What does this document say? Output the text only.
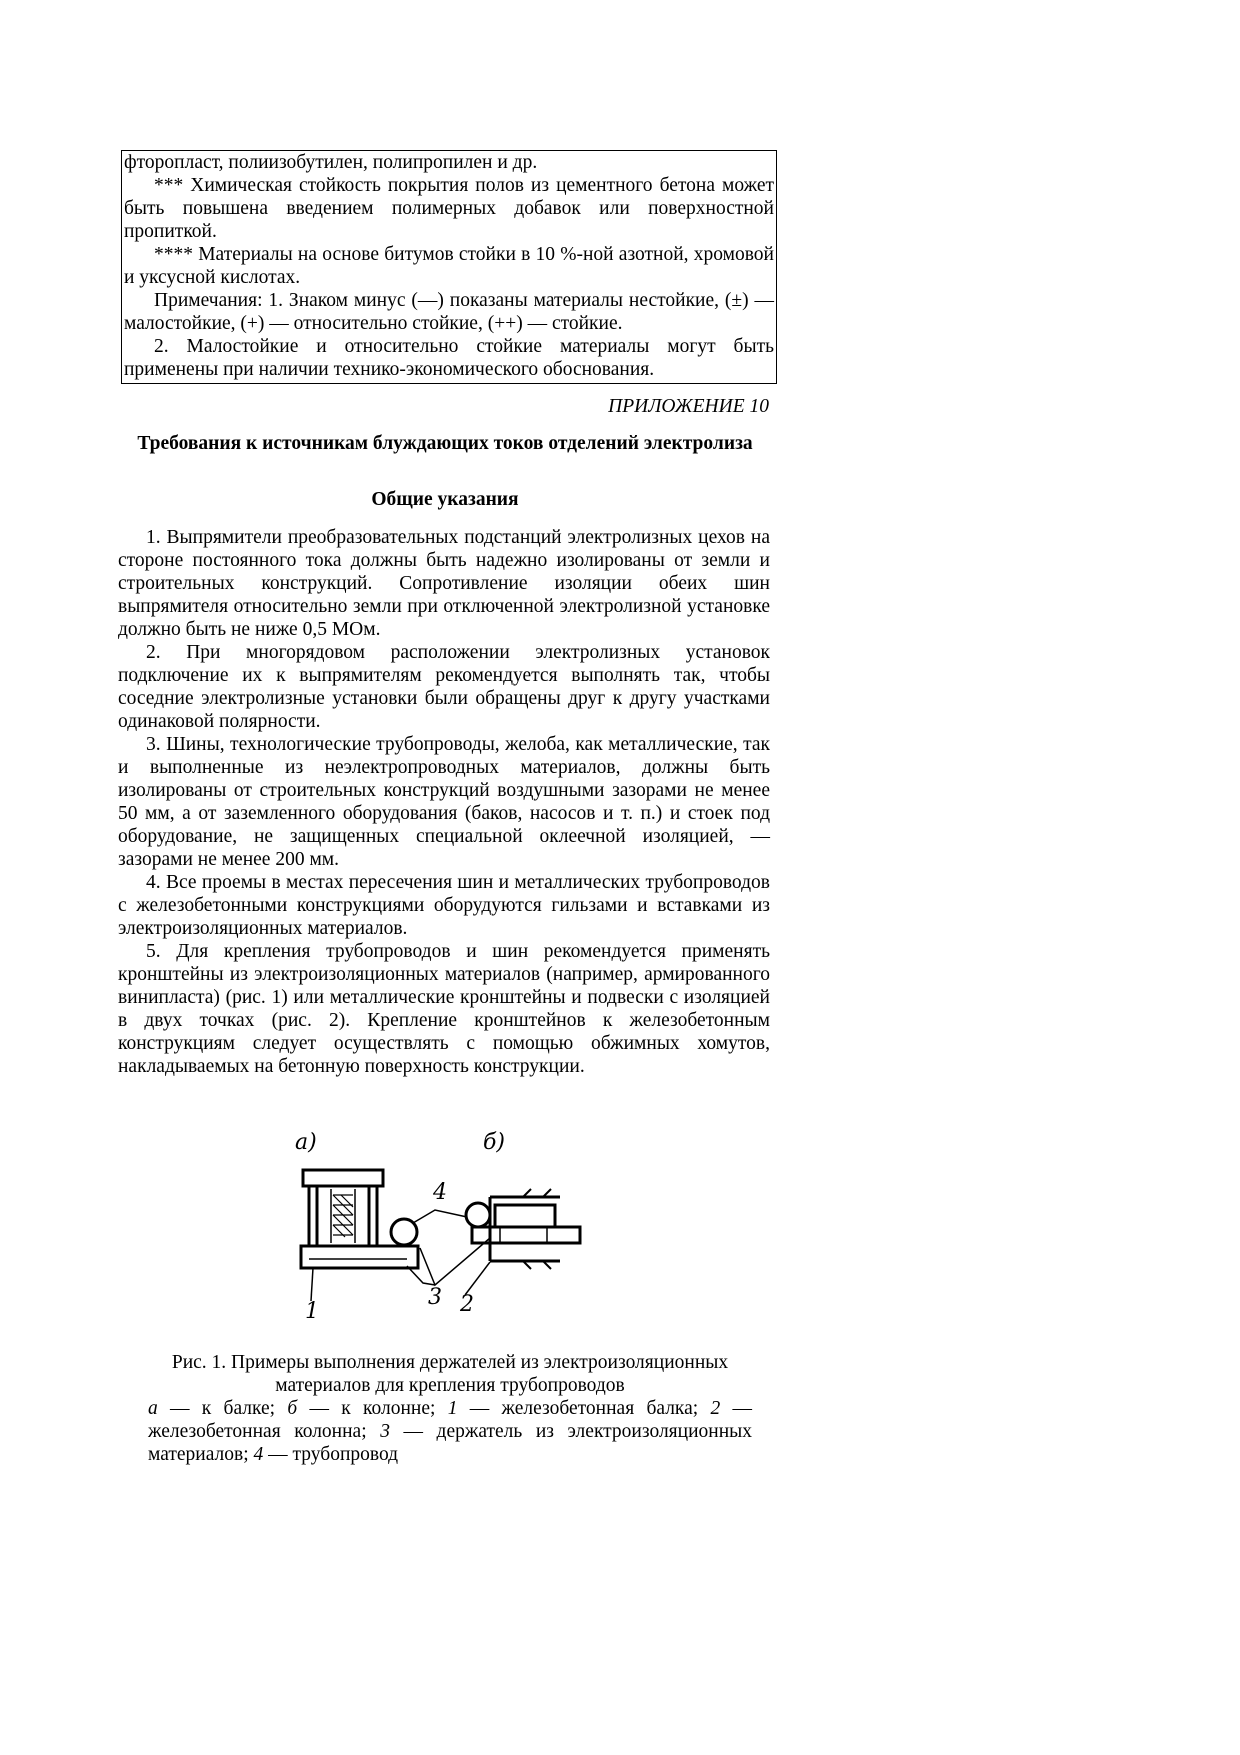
фторопласт, полиизобутилен, полипропилен и др.

*** Химическая стойкость покрытия полов из цементного бетона может быть повышена введением полимерных добавок или поверхностной пропиткой.

**** Материалы на основе битумов стойки в 10 %-ной азотной, хромовой и уксусной кислотах.

Примечания: 1. Знаком минус (—) показаны материалы нестойкие, (±) — малостойкие, (+) — относительно стойкие, (++) — стойкие.

2. Малостойкие и относительно стойкие материалы могут быть применены при наличии технико-экономического обоснования.

ПРИЛОЖЕНИЕ 10
Требования к источникам блуждающих токов отделений электролиза
Общие указания

1. Выпрямители преобразовательных подстанций электролизных цехов на стороне постоянного тока должны быть надежно изолированы от земли и строительных конструкций. Сопротивление изоляции обеих шин выпрямителя относительно земли при отключенной электролизной установке должно быть не ниже 0,5 МОм.

2. При многорядовом расположении электролизных установок подключение их к выпрямителям рекомендуется выполнять так, чтобы соседние электролизные установки были обращены друг к другу участками одинаковой полярности.

3. Шины, технологические трубопроводы, желоба, как металлические, так и выполненные из неэлектропроводных материалов, должны быть изолированы от строительных конструкций воздушными зазорами не менее 50 мм, а от заземленного оборудования (баков, насосов и т. п.) и стоек под оборудование, не защищенных специальной оклеечной изоляцией, — зазорами не менее 200 мм.

4. Все проемы в местах пересечения шин и металлических трубопроводов с железобетонными конструкциями оборудуются гильзами и вставками из электроизоляционных материалов.

5. Для крепления трубопроводов и шин рекомендуется применять кронштейны из электроизоляционных материалов (например, армированного винипласта) (рис. 1) или металлические кронштейны и подвески с изоляцией в двух точках (рис. 2). Крепление кронштейнов к железобетонным конструкциям следует осуществлять с помощью обжимных хомутов, накладываемых на бетонную поверхность конструкции.

а)	б)
1	2
3
4
Рис. 1. Примеры выполнения держателей из электроизоляционных материалов для крепления трубопроводов
а — к балке; б — к колонне; 1 — железобетонная балка; 2 — железобетонная колонна; 3 — держатель из электроизоляционных материалов; 4 — трубопровод
